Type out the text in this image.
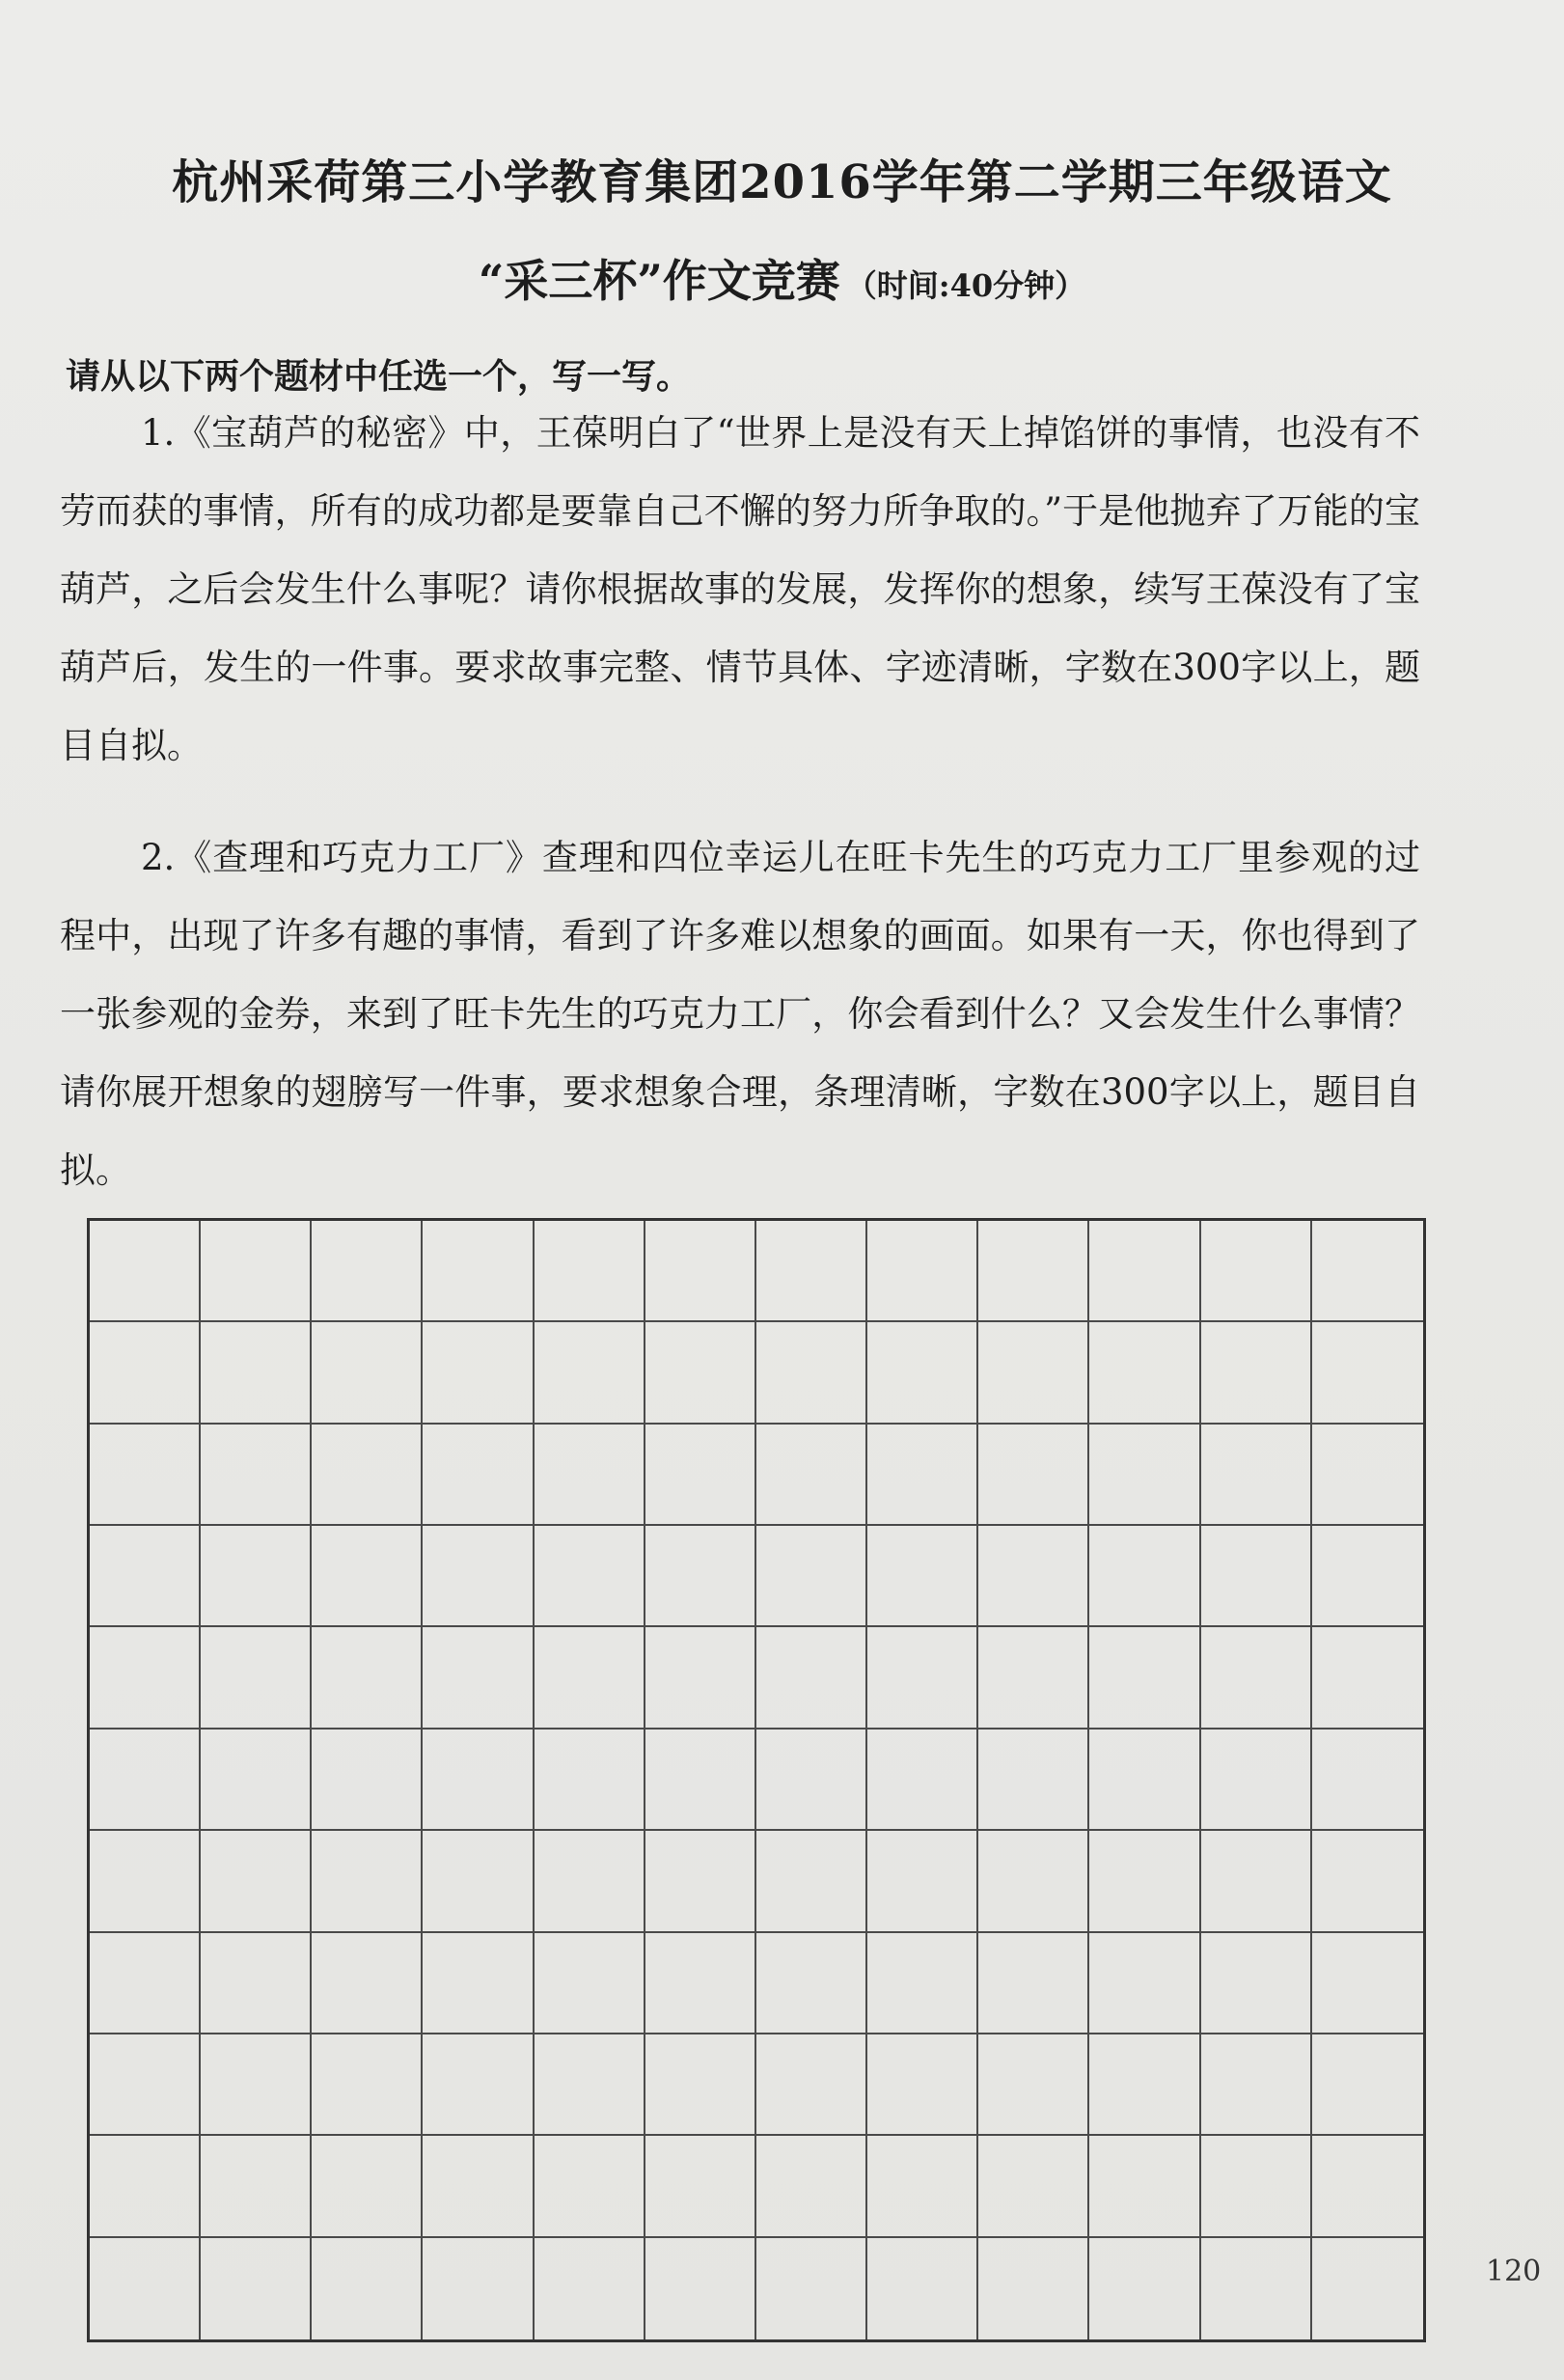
杭州采荷第三小学教育集团2016学年第二学期三年级语文
“采三杯”作文竞赛 （时间:40分钟）
请从以下两个题材中任选一个，写一写。
1.《宝葫芦的秘密》中，王葆明白了“世界上是没有天上掉馅饼的事情，也没有不劳而获的事情，所有的成功都是要靠自己不懈的努力所争取的。”于是他抛弃了万能的宝葫芦，之后会发生什么事呢？请你根据故事的发展，发挥你的想象，续写王葆没有了宝葫芦后，发生的一件事。要求故事完整、情节具体、字迹清晰，字数在300字以上，题目自拟。
2.《查理和巧克力工厂》查理和四位幸运儿在旺卡先生的巧克力工厂里参观的过程中，出现了许多有趣的事情，看到了许多难以想象的画面。如果有一天，你也得到了一张参观的金券，来到了旺卡先生的巧克力工厂，你会看到什么？又会发生什么事情？请你展开想象的翅膀写一件事，要求想象合理，条理清晰，字数在300字以上，题目自拟。
120
